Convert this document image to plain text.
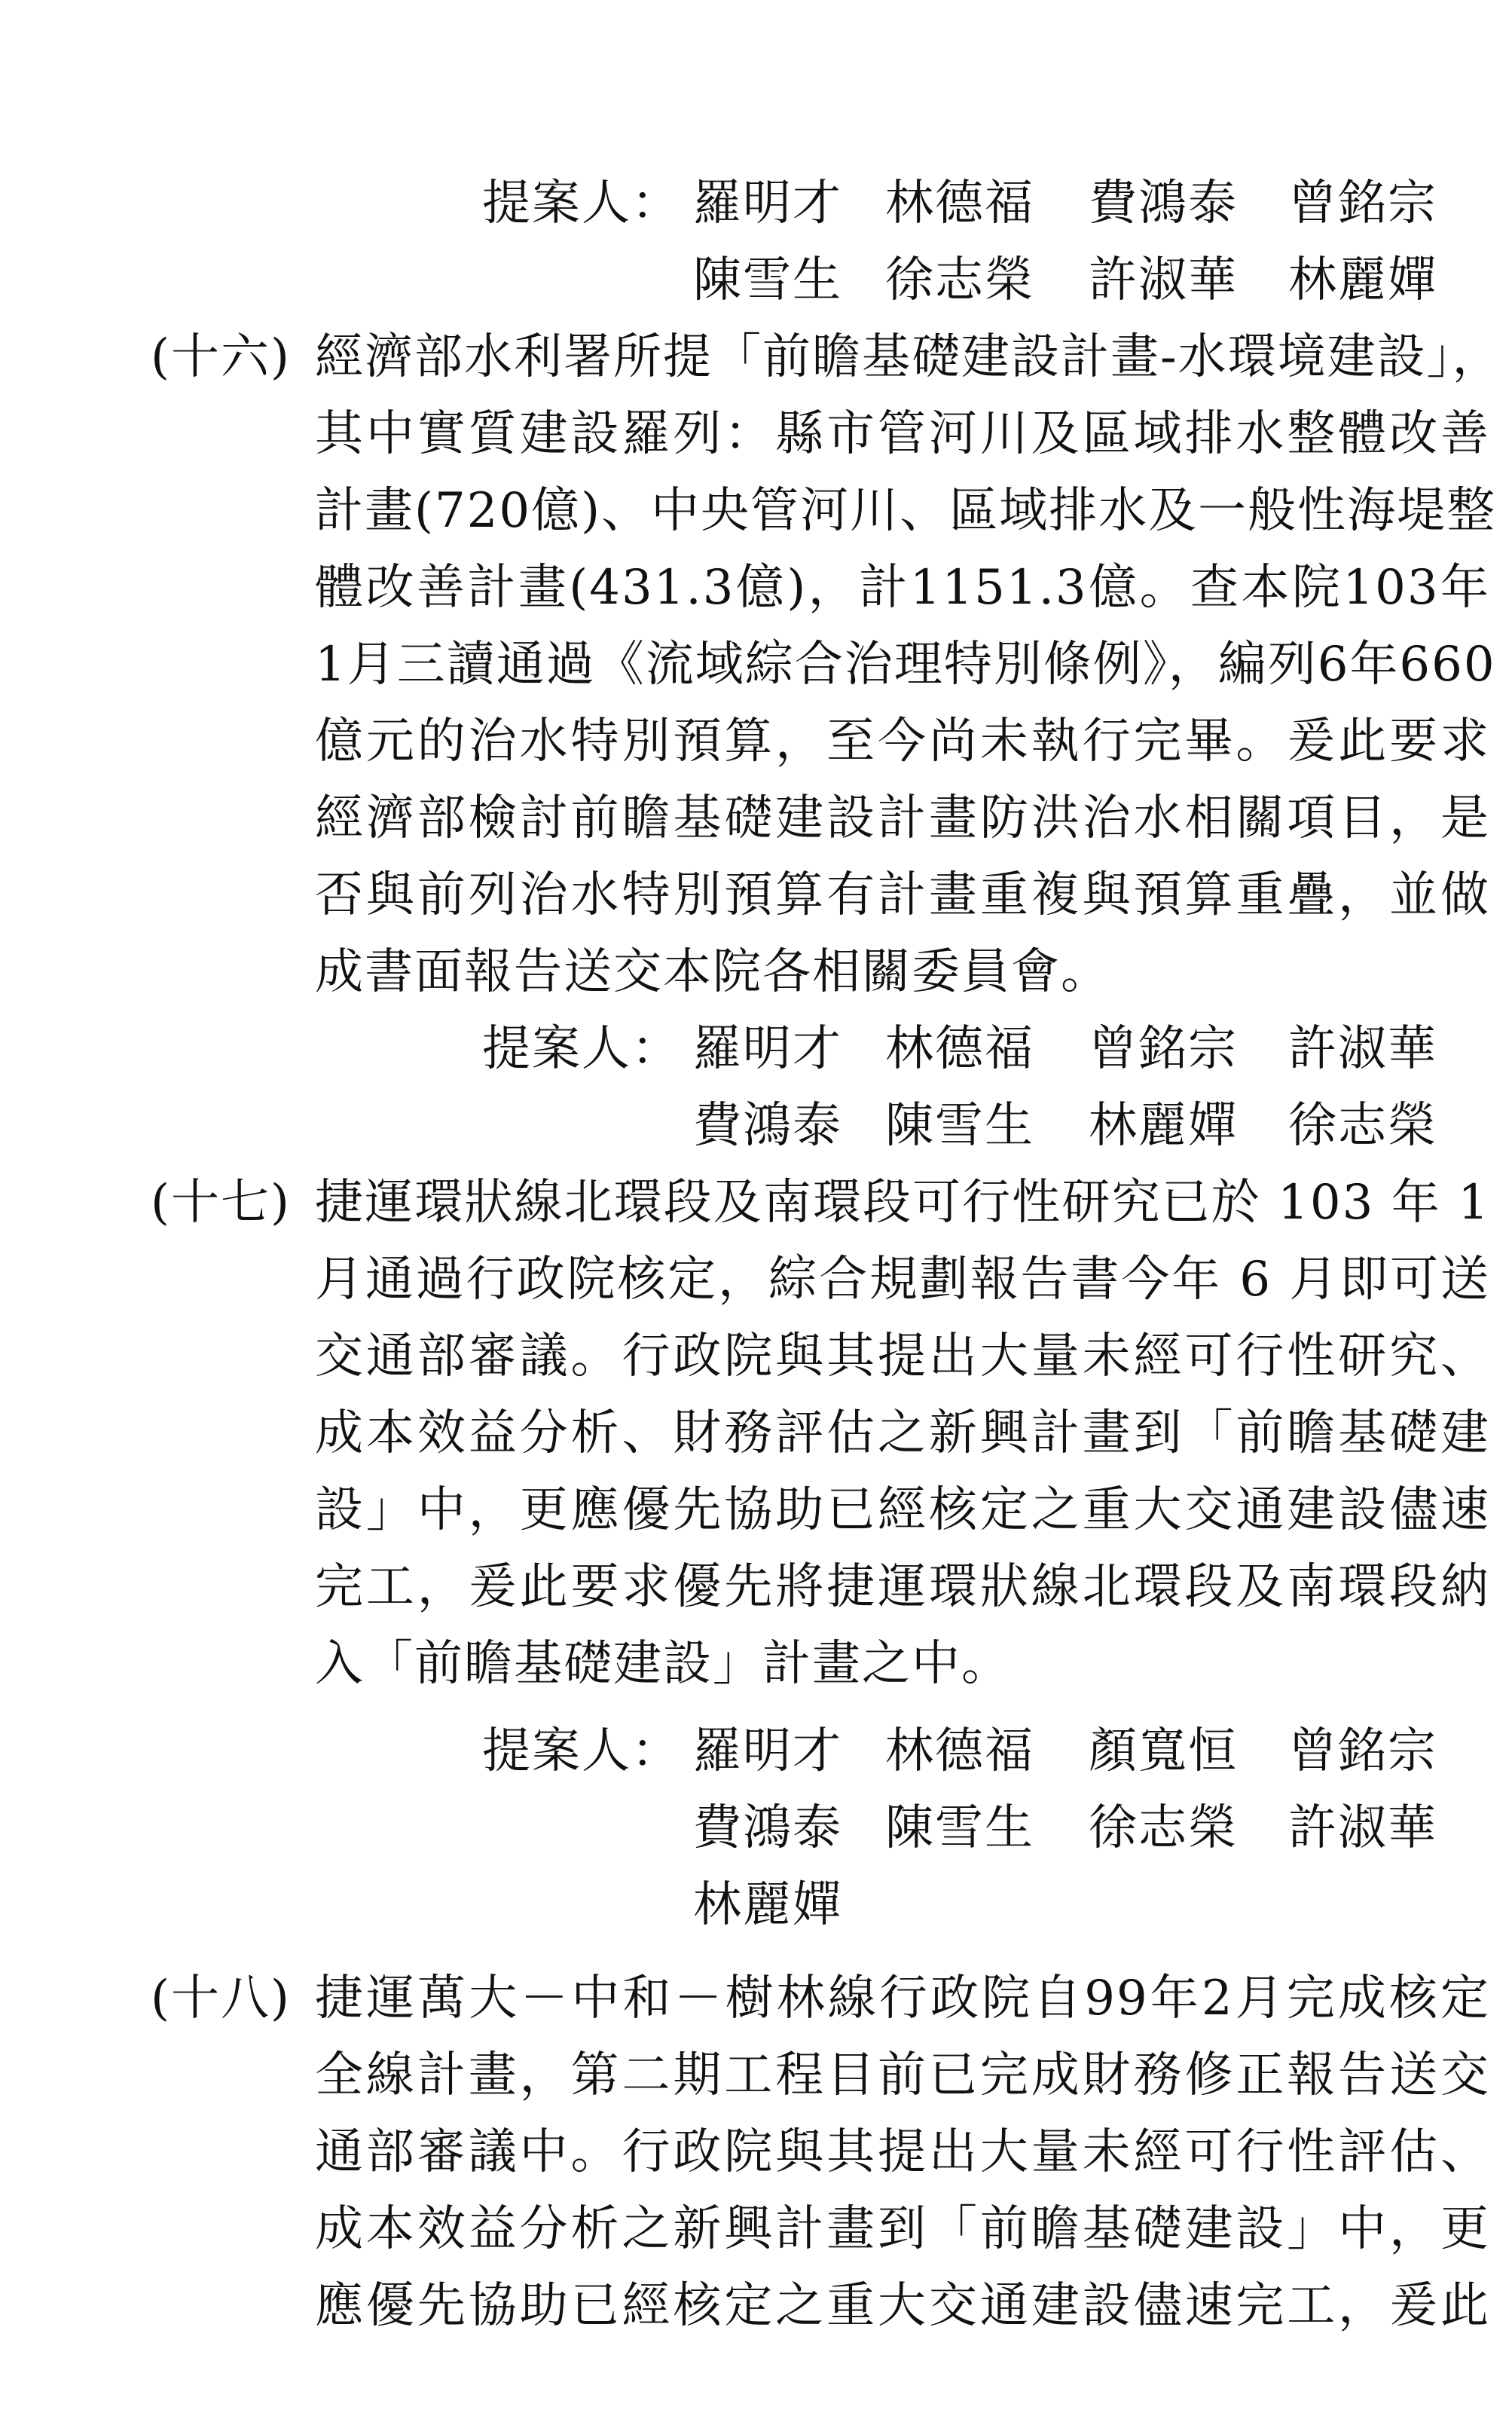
提案人： 羅明才 林德福 費鴻泰 曾銘宗
陳雪生 徐志榮 許淑華 林麗嬋
(十六) 經濟部水利署所提「前瞻基礎建設計畫-水環境建設」，
其中實質建設羅列：縣市管河川及區域排水整體改善
計畫(720億)、中央管河川、區域排水及一般性海堤整
體改善計畫(431.3億)，計1151.3億。查本院103年
1月三讀通過《流域綜合治理特別條例》，編列6年660
億元的治水特別預算，至今尚未執行完畢。爰此要求
經濟部檢討前瞻基礎建設計畫防洪治水相關項目，是
否與前列治水特別預算有計畫重複與預算重疊，並做
成書面報告送交本院各相關委員會。
提案人： 羅明才 林德福 曾銘宗 許淑華
費鴻泰 陳雪生 林麗嬋 徐志榮
(十七) 捷運環狀線北環段及南環段可行性研究已於 103 年 1
月通過行政院核定，綜合規劃報告書今年 6 月即可送
交通部審議。行政院與其提出大量未經可行性研究、
成本效益分析、財務評估之新興計畫到「前瞻基礎建
設」中，更應優先協助已經核定之重大交通建設儘速
完工，爰此要求優先將捷運環狀線北環段及南環段納
入「前瞻基礎建設」計畫之中。
提案人： 羅明才 林德福 顏寬恒 曾銘宗
費鴻泰 陳雪生 徐志榮 許淑華
林麗嬋
(十八) 捷運萬大－中和－樹林線行政院自99年2月完成核定
全線計畫，第二期工程目前已完成財務修正報告送交
通部審議中。行政院與其提出大量未經可行性評估、
成本效益分析之新興計畫到「前瞻基礎建設」中，更
應優先協助已經核定之重大交通建設儘速完工，爰此
